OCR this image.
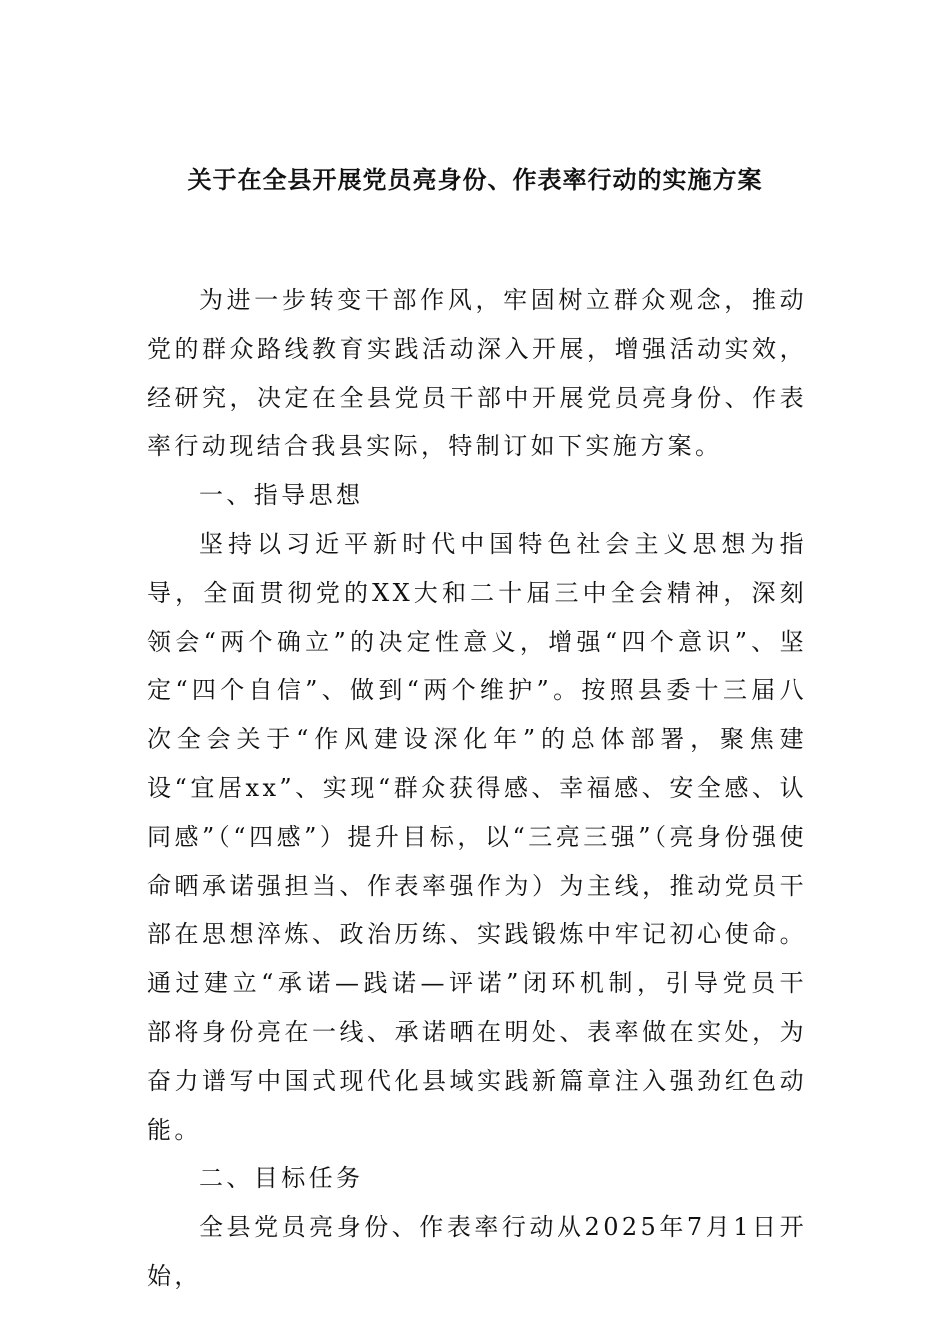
关于在全县开展党员亮身份、作表率行动的实施方案

为进一步转变干部作风，牢固树立群众观念，推动党的群众路线教育实践活动深入开展，增强活动实效，经研究，决定在全县党员干部中开展党员亮身份、作表率行动现结合我县实际，特制订如下实施方案。

一、指导思想

坚持以习近平新时代中国特色社会主义思想为指导，全面贯彻党的XX大和二十届三中全会精神，深刻领会“两个确立”的决定性意义，增强“四个意识”、坚定“四个自信”、做到“两个维护”。按照县委十三届八次全会关于“作风建设深化年”的总体部署，聚焦建设“宜居xx”、实现“群众获得感、幸福感、安全感、认同感”（“四感”）提升目标，以“三亮三强”（亮身份强使命晒承诺强担当、作表率强作为）为主线，推动党员干部在思想淬炼、政治历练、实践锻炼中牢记初心使命。通过建立“承诺—践诺—评诺”闭环机制，引导党员干部将身份亮在一线、承诺晒在明处、表率做在实处，为奋力谱写中国式现代化县域实践新篇章注入强劲红色动能。

二、目标任务

全县党员亮身份、作表率行动从2025年7月1日开始，
